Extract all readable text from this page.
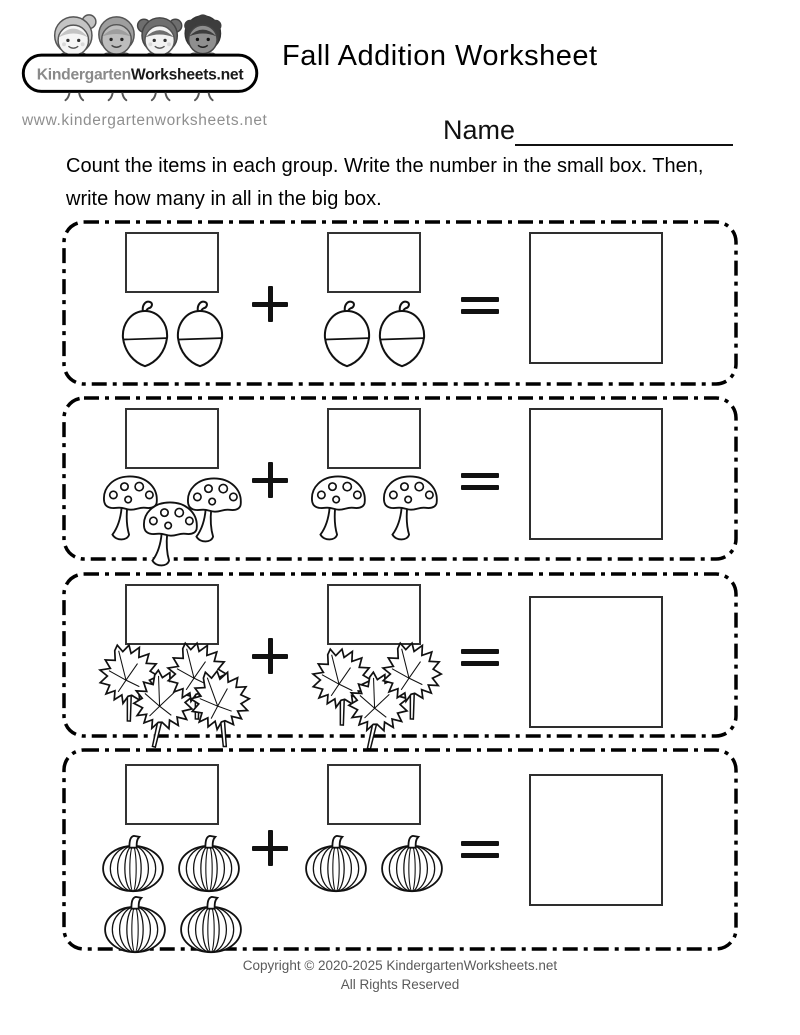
KindergartenWorksheets.net
www.kindergartenworksheets.net
Fall Addition Worksheet
Name

Count the items in each group. Write the number in the small box. Then,
write how many in all in the big box.

Copyright © 2020-2025 KindergartenWorksheets.net
All Rights Reserved
